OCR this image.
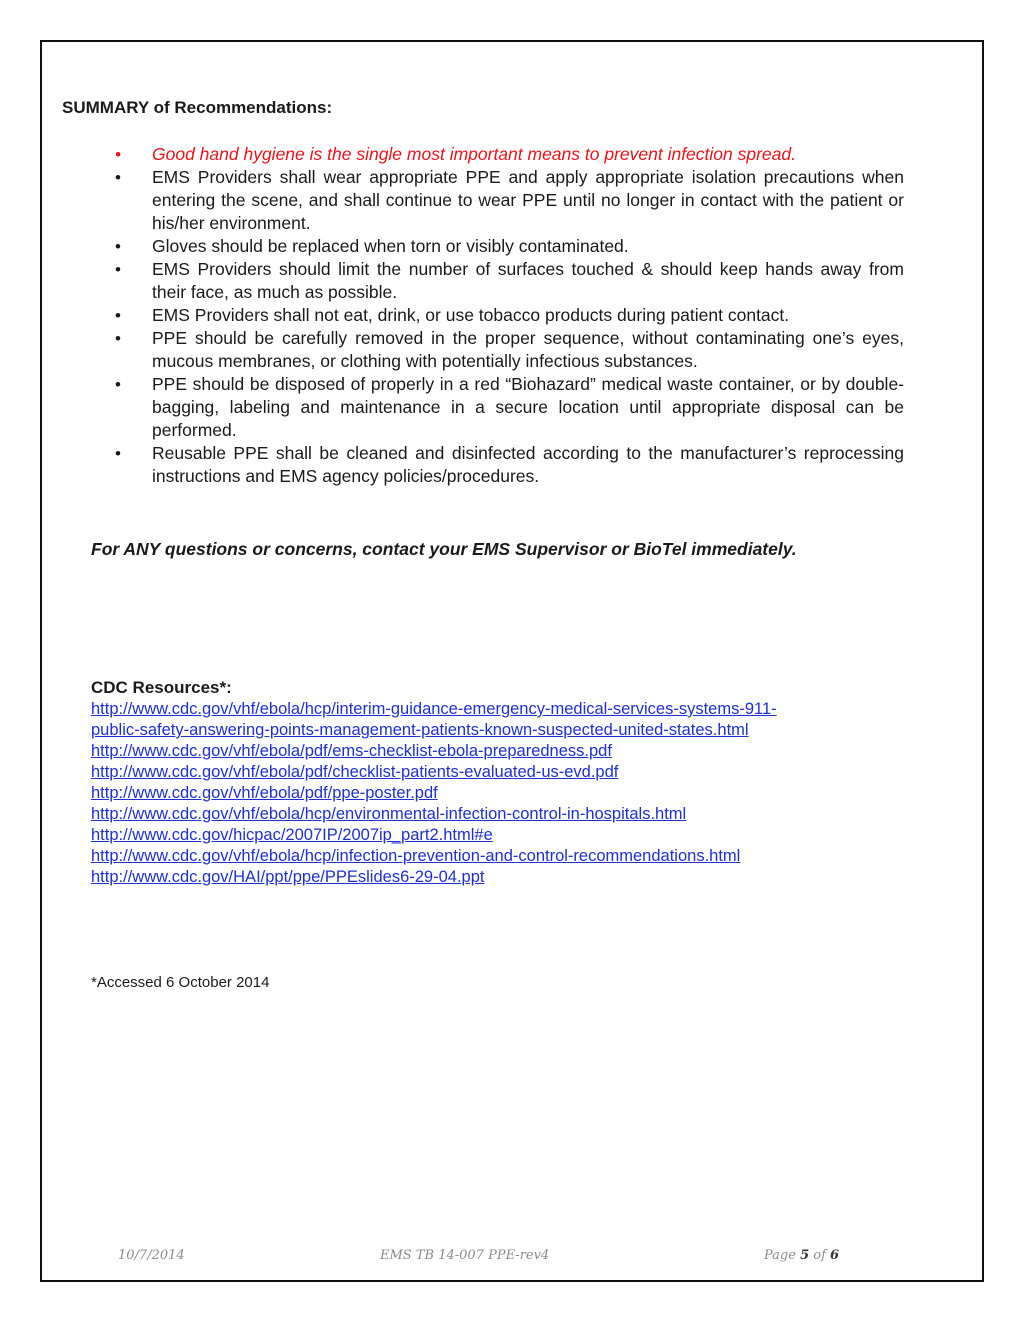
SUMMARY of Recommendations:
• Good hand hygiene is the single most important means to prevent infection spread.
• EMS Providers shall wear appropriate PPE and apply appropriate isolation precautions when entering the scene, and shall continue to wear PPE until no longer in contact with the patient or his/her environment.
• Gloves should be replaced when torn or visibly contaminated.
• EMS Providers should limit the number of surfaces touched & should keep hands away from their face, as much as possible.
• EMS Providers shall not eat, drink, or use tobacco products during patient contact.
• PPE should be carefully removed in the proper sequence, without contaminating one’s eyes, mucous membranes, or clothing with potentially infectious substances.
• PPE should be disposed of properly in a red “Biohazard” medical waste container, or by double-bagging, labeling and maintenance in a secure location until appropriate disposal can be performed.
• Reusable PPE shall be cleaned and disinfected according to the manufacturer’s reprocessing instructions and EMS agency policies/procedures.

For ANY questions or concerns, contact your EMS Supervisor or BioTel immediately.

CDC Resources*:
http://www.cdc.gov/vhf/ebola/hcp/interim-guidance-emergency-medical-services-systems-911-
public-safety-answering-points-management-patients-known-suspected-united-states.html
http://www.cdc.gov/vhf/ebola/pdf/ems-checklist-ebola-preparedness.pdf
http://www.cdc.gov/vhf/ebola/pdf/checklist-patients-evaluated-us-evd.pdf
http://www.cdc.gov/vhf/ebola/pdf/ppe-poster.pdf
http://www.cdc.gov/vhf/ebola/hcp/environmental-infection-control-in-hospitals.html
http://www.cdc.gov/hicpac/2007IP/2007ip_part2.html#e
http://www.cdc.gov/vhf/ebola/hcp/infection-prevention-and-control-recommendations.html
http://www.cdc.gov/HAI/ppt/ppe/PPEslides6-29-04.ppt

*Accessed 6 October 2014

10/7/2014	EMS TB 14-007 PPE-rev4	Page 5 of 6
